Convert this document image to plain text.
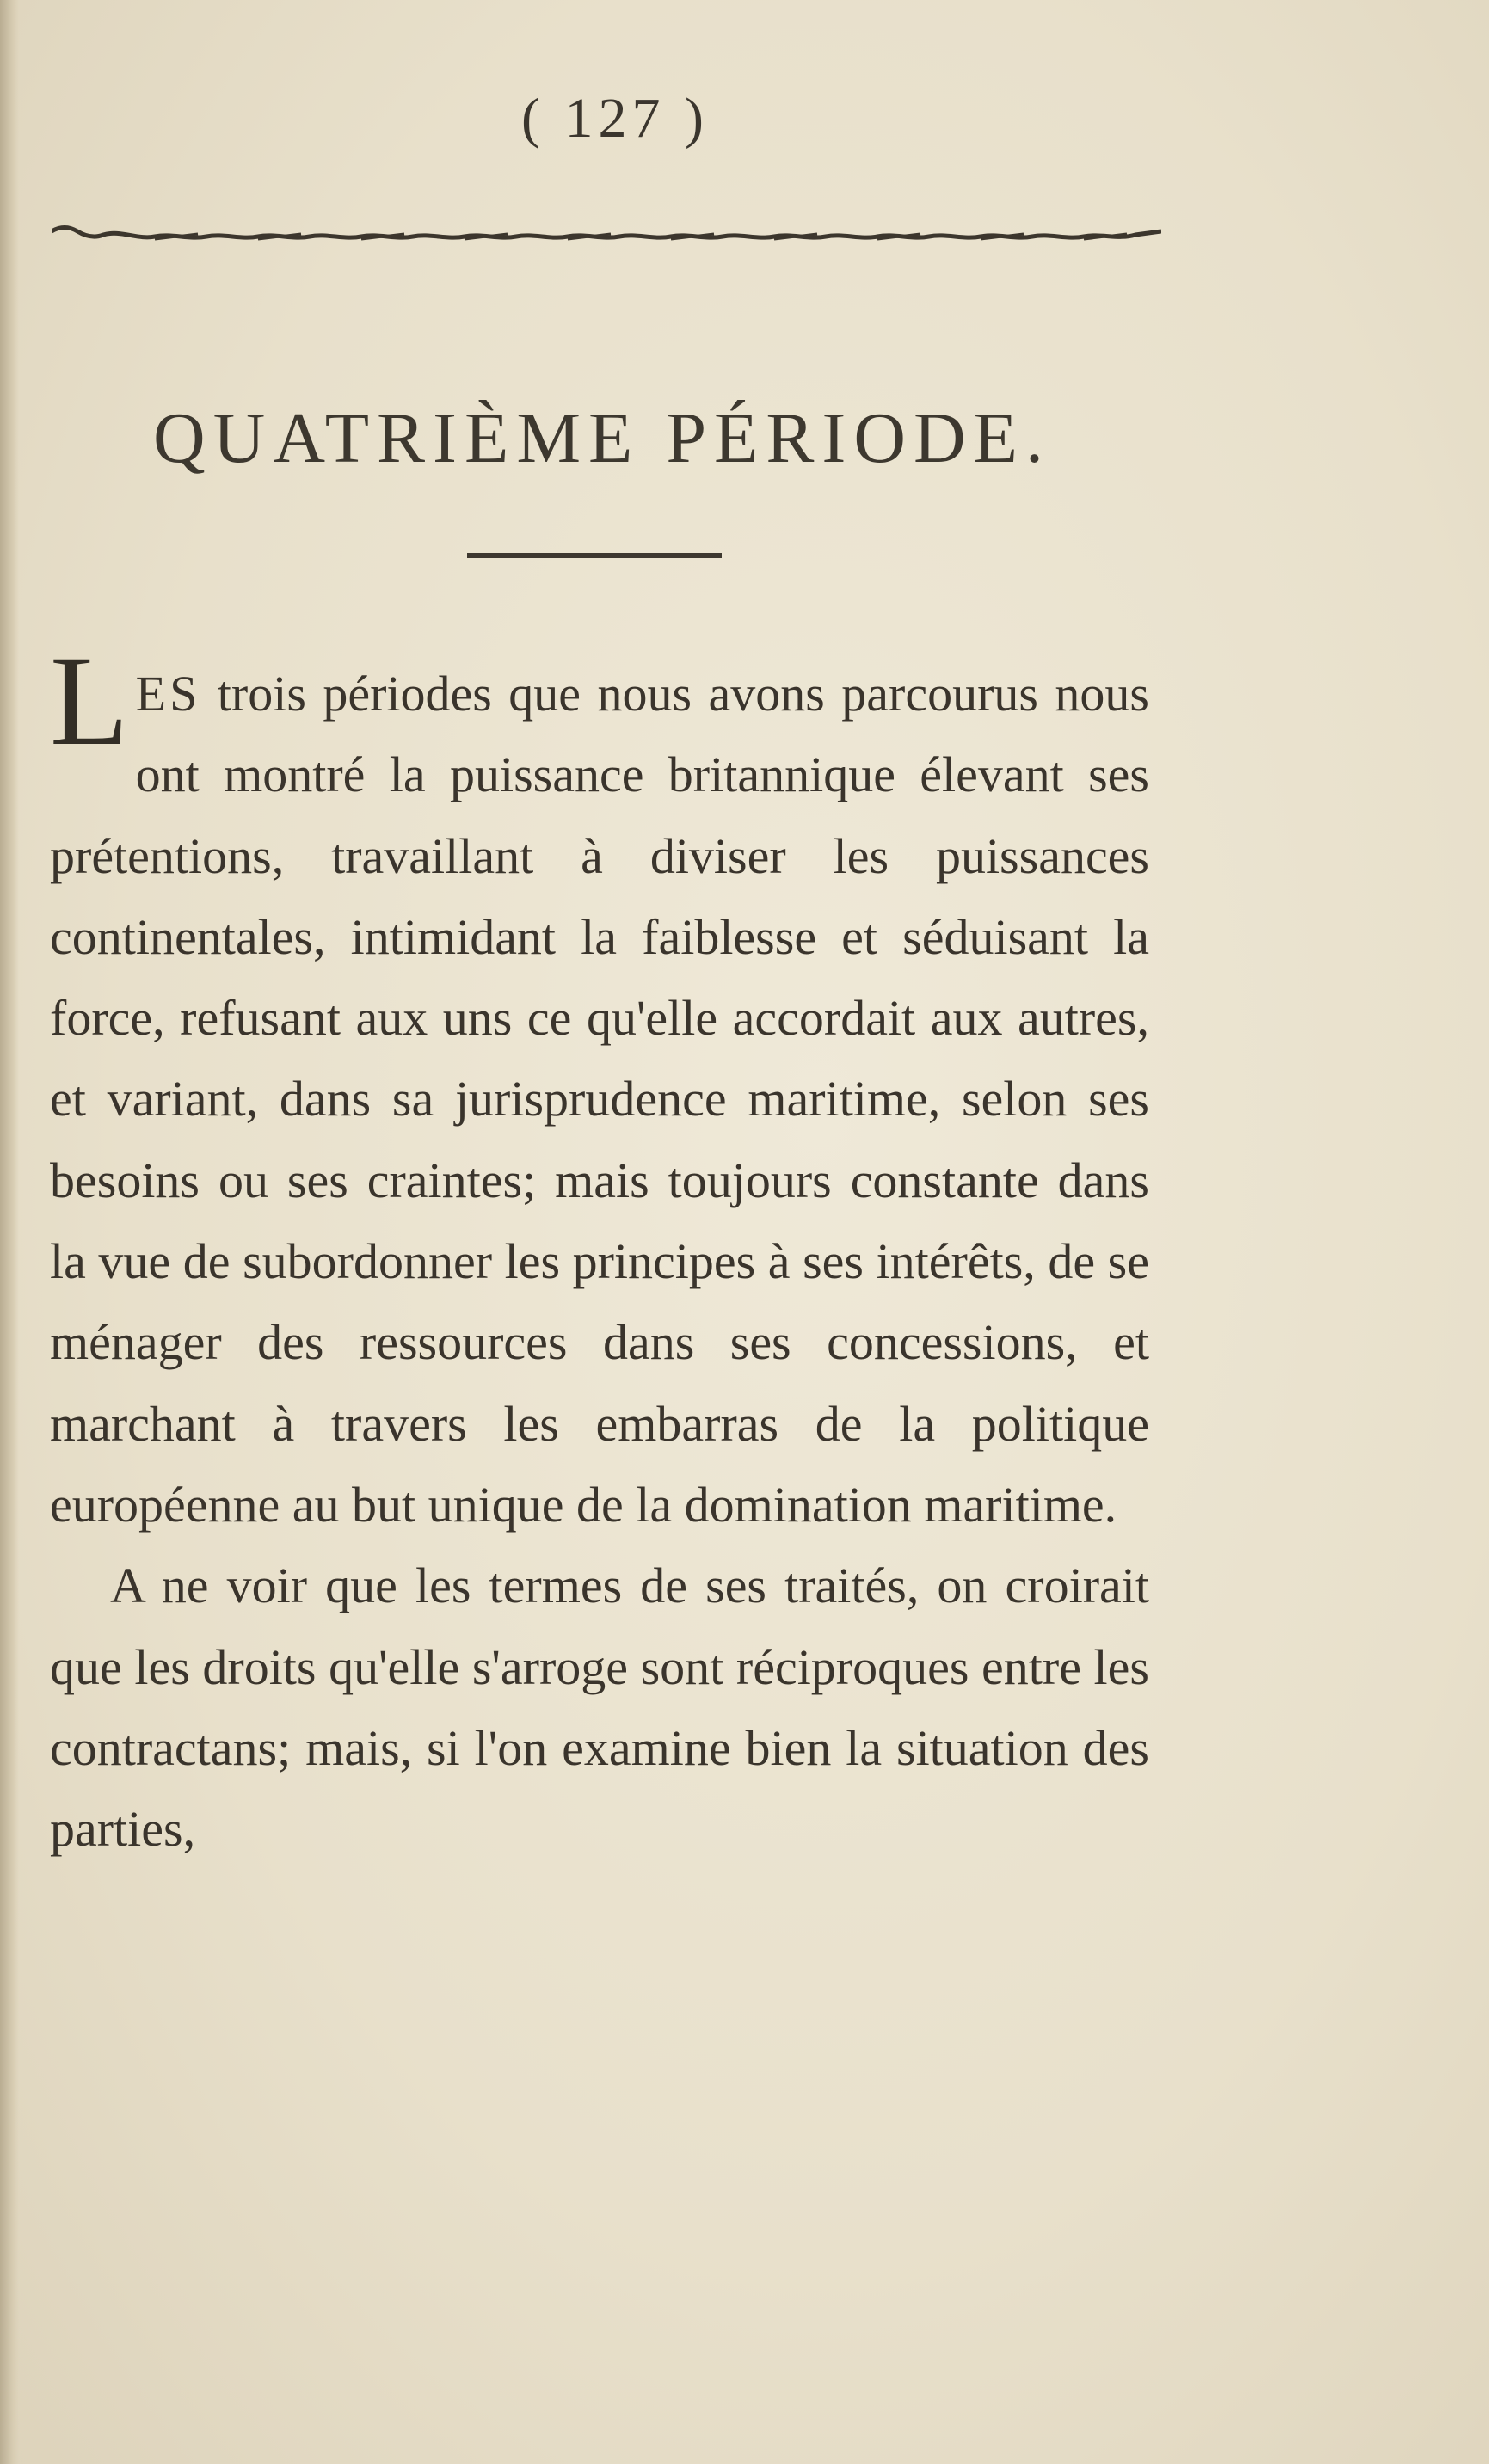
( 127 )
QUATRIÈME PÉRIODE.

LES trois périodes que nous avons parcourus nous ont montré la puissance britannique élevant ses prétentions, travaillant à diviser les puissances continentales, intimidant la faiblesse et séduisant la force, refusant aux uns ce qu'elle accordait aux autres, et variant, dans sa jurisprudence maritime, selon ses besoins ou ses craintes; mais toujours constante dans la vue de subordonner les principes à ses intérêts, de se ménager des ressources dans ses concessions, et marchant à travers les embarras de la politique européenne au but unique de la domination maritime.

A ne voir que les termes de ses traités, on croirait que les droits qu'elle s'arroge sont réciproques entre les contractans; mais, si l'on examine bien la situation des parties,
